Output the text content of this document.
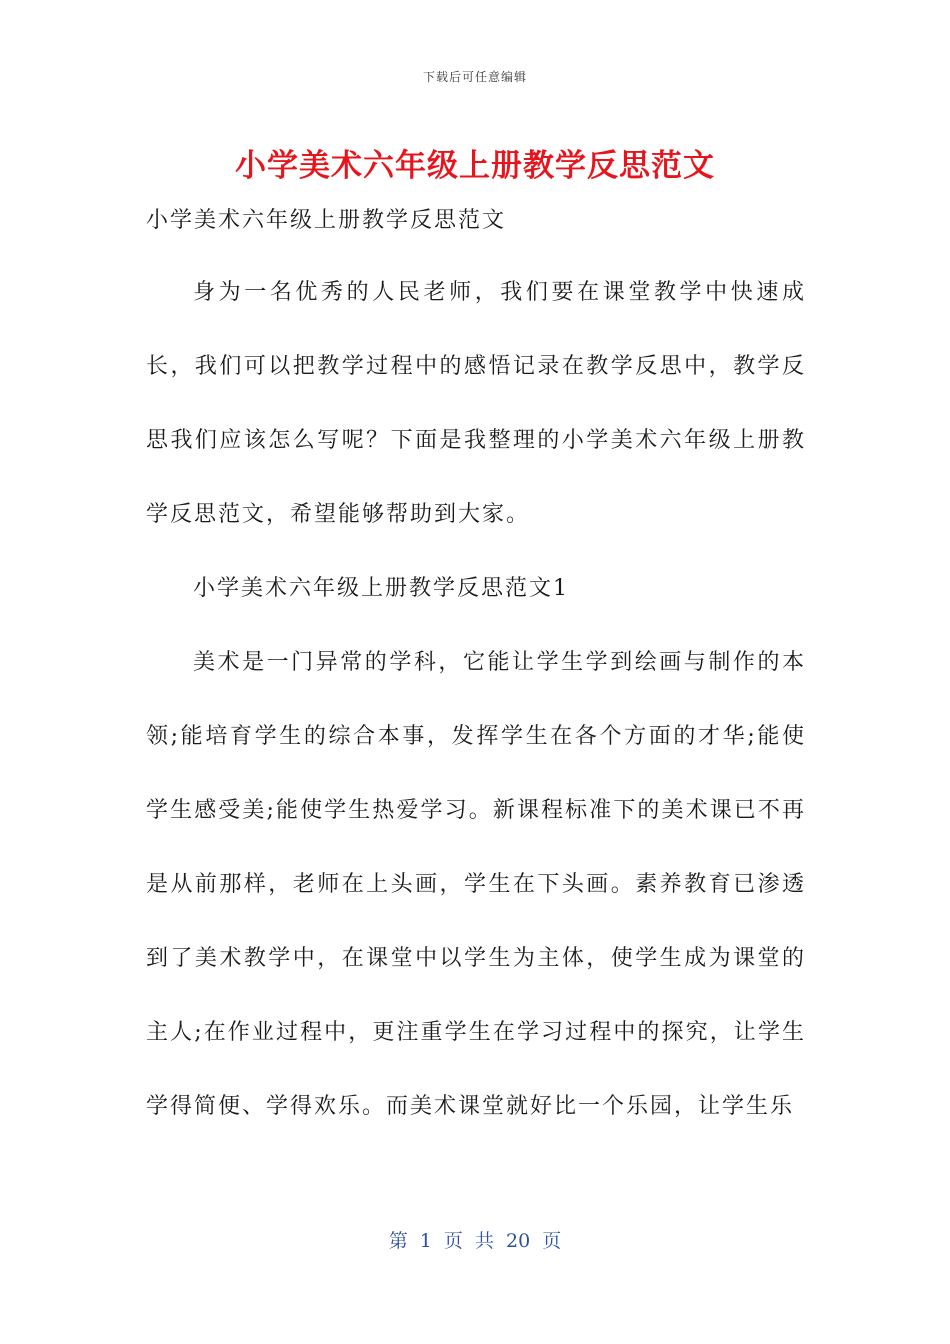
下载后可任意编辑
小学美术六年级上册教学反思范文

小学美术六年级上册教学反思范文

身为一名优秀的人民老师，我们要在课堂教学中快速成长，我们可以把教学过程中的感悟记录在教学反思中，教学反思我们应该怎么写呢？下面是我整理的小学美术六年级上册教学反思范文，希望能够帮助到大家。

小学美术六年级上册教学反思范文1

美术是一门异常的学科，它能让学生学到绘画与制作的本领;能培育学生的综合本事，发挥学生在各个方面的才华;能使学生感受美;能使学生热爱学习。新课程标准下的美术课已不再是从前那样，老师在上头画，学生在下头画。素养教育已渗透到了美术教学中，在课堂中以学生为主体，使学生成为课堂的主人;在作业过程中，更注重学生在学习过程中的探究，让学生学得简便、学得欢乐。而美术课堂就好比一个乐园，让学生乐

第 1 页 共 20 页
